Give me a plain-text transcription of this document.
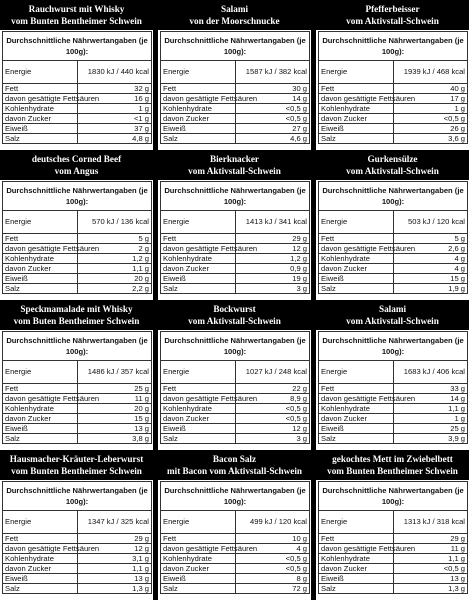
Rauchwurst mit Whisky
vom Bunten Bentheimer Schwein
Durchschnittliche Nährwertangaben (je 100g):	
Energie	1830 kJ / 440 kcal
Fett	32 g
davon gesättigte Fettsäuren	16 g
Kohlenhydrate	1 g
davon Zucker	<1 g
Eiweiß	37 g
Salz	4,8 g
Salami
von der Moorschnucke
Durchschnittliche Nährwertangaben (je 100g):	
Energie	1587 kJ / 382 kcal
Fett	30 g
davon gesättigte Fettsäuren	14 g
Kohlenhydrate	<0,5 g
davon Zucker	<0,5 g
Eiweiß	27 g
Salz	4,6 g
Pfefferbeisser
vom Aktivstall-Schwein
Durchschnittliche Nährwertangaben (je 100g):	
Energie	1939 kJ / 468 kcal
Fett	40 g
davon gesättigte Fettsäuren	17 g
Kohlenhydrate	1 g
davon Zucker	<0,5 g
Eiweiß	26 g
Salz	3,6 g
deutsches Corned Beef
vom Angus
Durchschnittliche Nährwertangaben (je 100g):	
Energie	570 kJ / 136 kcal
Fett	5 g
davon gesättigte Fettsäuren	2 g
Kohlenhydrate	1,2 g
davon Zucker	1,1 g
Eiweiß	20 g
Salz	2,2 g
Bierknacker
vom Aktivstall-Schwein
Durchschnittliche Nährwertangaben (je 100g):	
Energie	1413 kJ / 341 kcal
Fett	29 g
davon gesättigte Fettsäuren	12 g
Kohlenhydrate	1,2 g
davon Zucker	0,9 g
Eiweiß	19 g
Salz	3 g
Gurkensülze
vom Aktivstall-Schwein
Durchschnittliche Nährwertangaben (je 100g):	
Energie	503 kJ / 120 kcal
Fett	5 g
davon gesättigte Fettsäuren	2,6 g
Kohlenhydrate	4 g
davon Zucker	4 g
Eiweiß	15 g
Salz	1,9 g
Speckmamalade mit Whisky
vom Buten Bentheimer Schwein
Durchschnittliche Nährwertangaben (je 100g):	
Energie	1486 kJ / 357 kcal
Fett	25 g
davon gesättigte Fettsäuren	11 g
Kohlenhydrate	20 g
davon Zucker	15 g
Eiweiß	13 g
Salz	3,8 g
Bockwurst
vom Aktivstall-Schwein
Durchschnittliche Nährwertangaben (je 100g):	
Energie	1027 kJ / 248 kcal
Fett	22 g
davon gesättigte Fettsäuren	8,9 g
Kohlenhydrate	<0,5 g
davon Zucker	<0,5 g
Eiweiß	12 g
Salz	3 g
Salami
vom Aktivstall-Schwein
Durchschnittliche Nährwertangaben (je 100g):	
Energie	1683 kJ / 406 kcal
Fett	33 g
davon gesättigte Fettsäuren	14 g
Kohlenhydrate	1,1 g
davon Zucker	1 g
Eiweiß	25 g
Salz	3,9 g
Hausmacher-Kräuter-Leberwurst
vom Bunten Bentheimer Schwein
Durchschnittliche Nährwertangaben (je 100g):	
Energie	1347 kJ / 325 kcal
Fett	29 g
davon gesättigte Fettsäuren	12 g
Kohlenhydrate	3,1 g
davon Zucker	1,1 g
Eiweiß	13 g
Salz	1,3 g
Bacon Salz
mit Bacon vom Aktivstall-Schwein
Durchschnittliche Nährwertangaben (je 100g):	
Energie	499 kJ / 120 kcal
Fett	10 g
davon gesättigte Fettsäuren	4 g
Kohlenhydrate	<0,5 g
davon Zucker	<0,5 g
Eiweiß	8 g
Salz	72 g
gekochtes Mett im Zwiebelbett
vom Bunten Bentheimer Schwein
Durchschnittliche Nährwertangaben (je 100g):	
Energie	1313 kJ / 318 kcal
Fett	29 g
davon gesättigte Fettsäuren	11 g
Kohlenhydrate	1,1 g
davon Zucker	<0,5 g
Eiweiß	13 g
Salz	1,3 g
